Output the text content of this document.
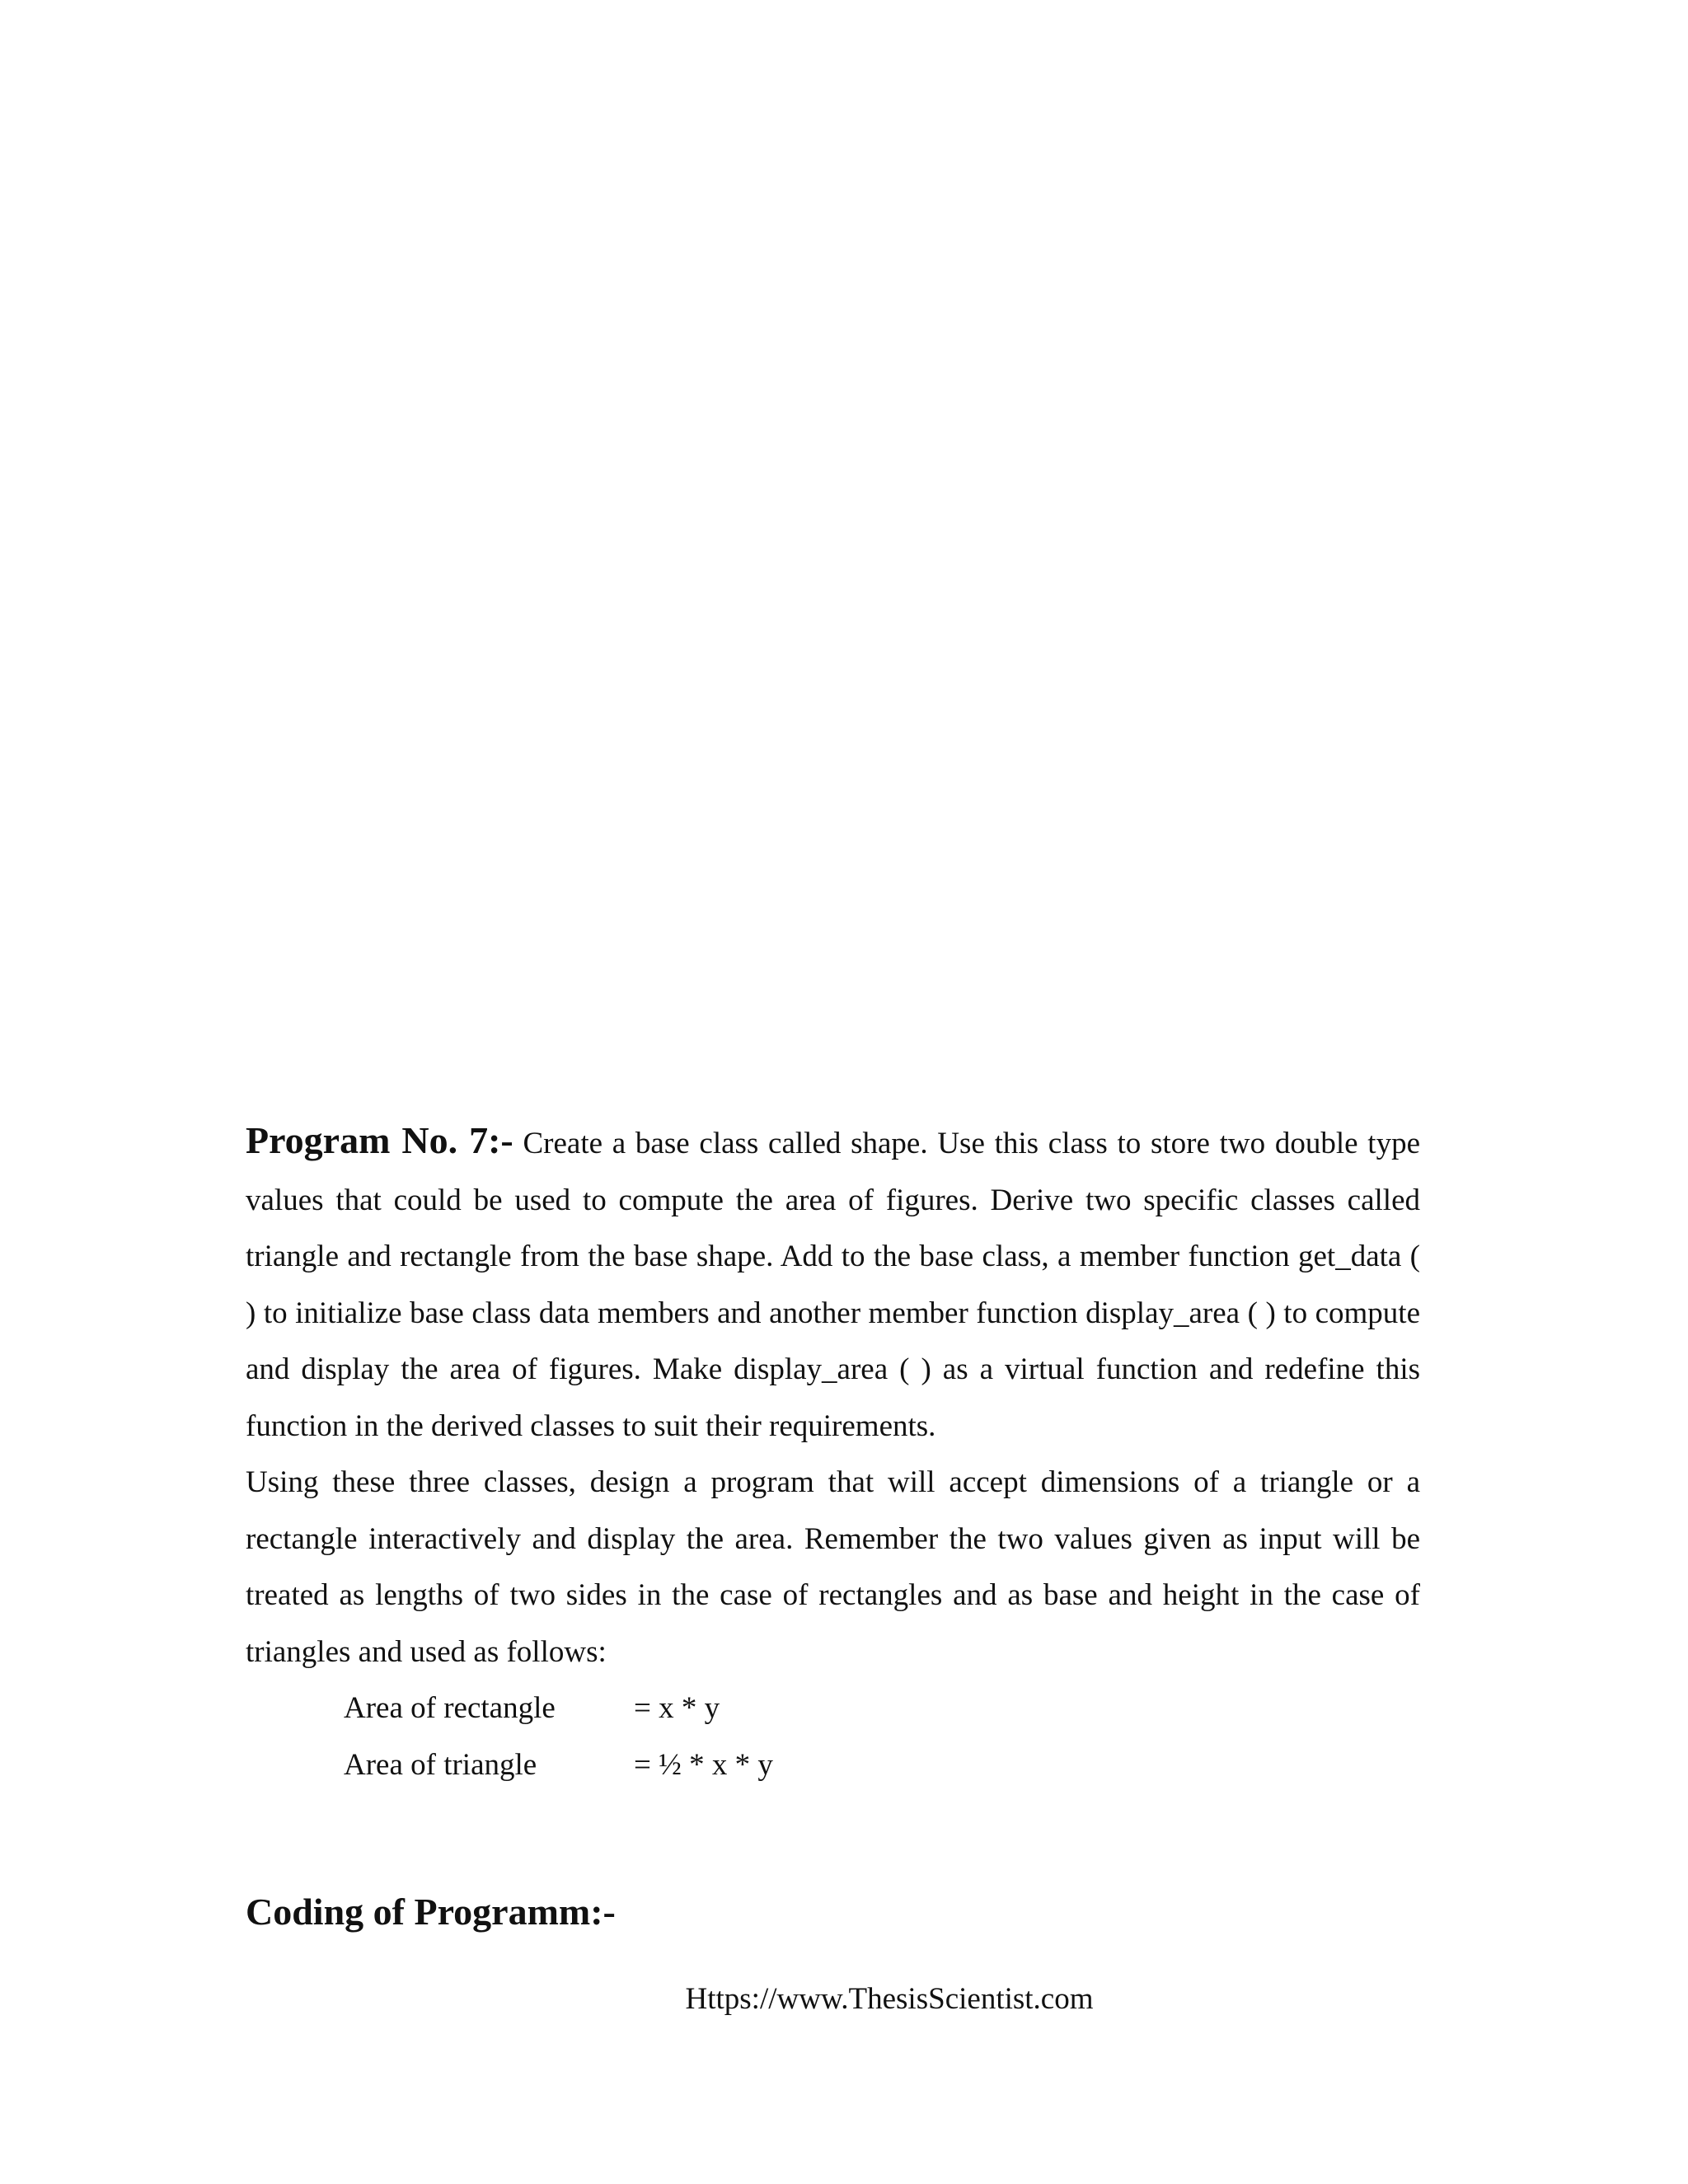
Program No. 7:- Create a base class called shape. Use this class to store two double type values that could be used to compute the area of figures. Derive two specific classes called triangle and rectangle from the base shape. Add to the base class, a member function get_data ( ) to initialize base class data members and another member function display_area ( ) to compute and display the area of figures. Make display_area ( ) as a virtual function and redefine this function in the derived classes to suit their requirements.

Using these three classes, design a program that will accept dimensions of a triangle or a rectangle interactively and display the area. Remember the two values given as input will be treated as lengths of two sides in the case of rectangles and as base and height in the case of triangles and used as follows:

Area of rectangle	= x * y
Area of triangle	= ½ * x * y
Coding of Programm:-
Https://www.ThesisScientist.com
